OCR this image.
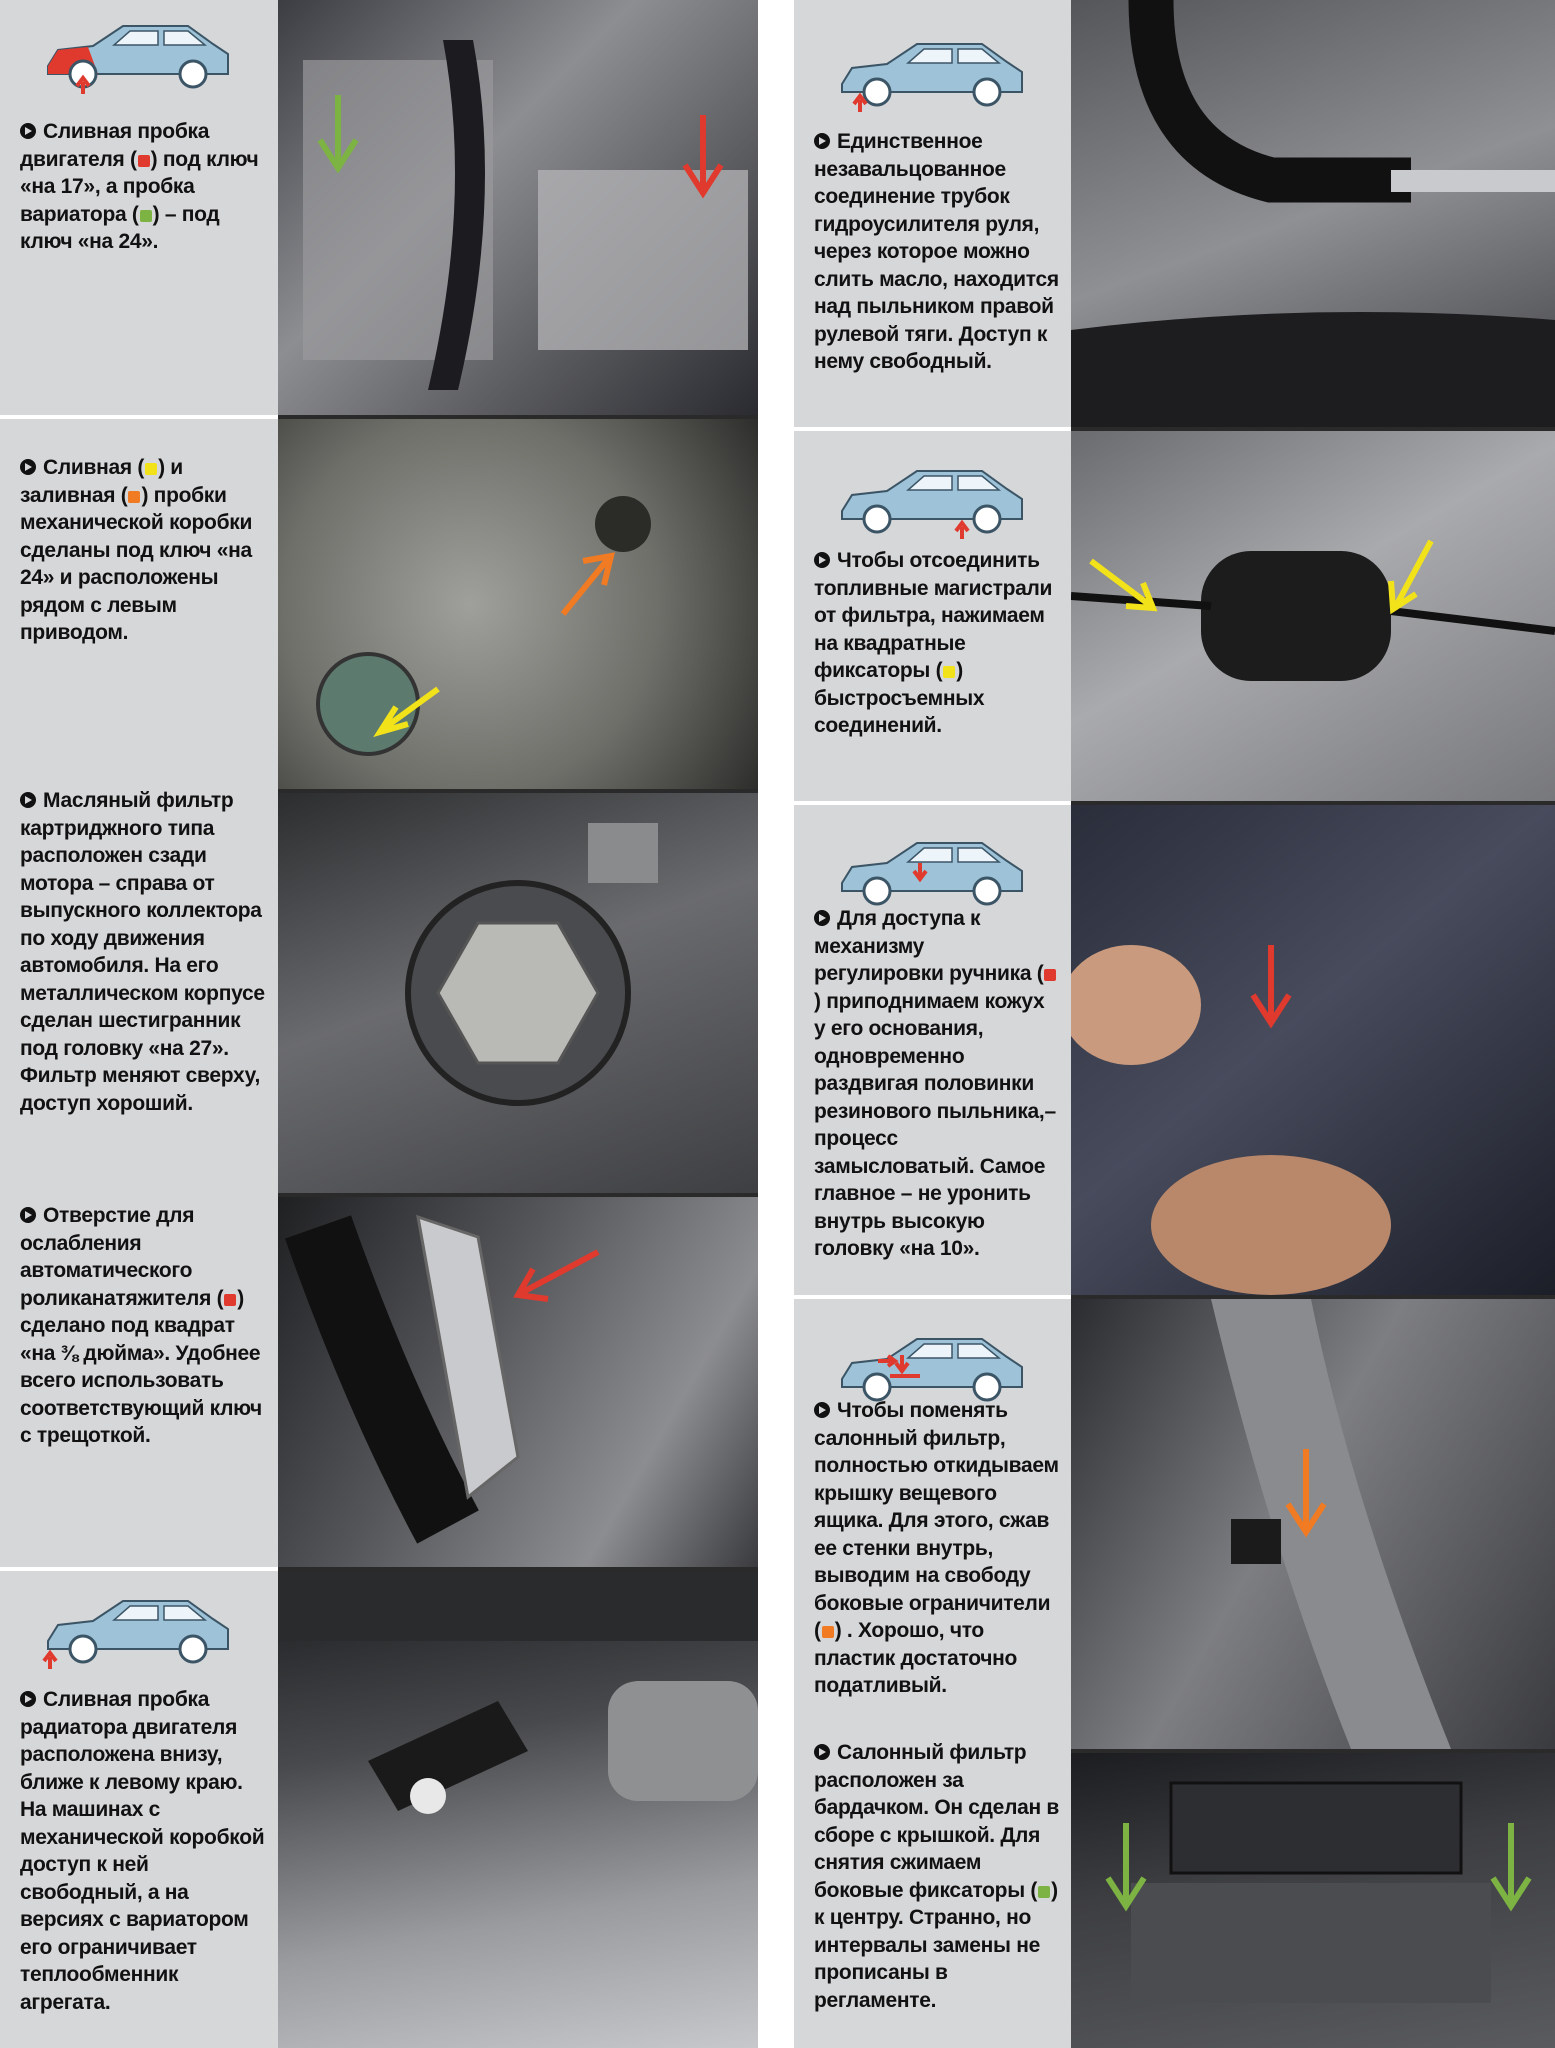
Сливная пробка двигателя ( ) под ключ «на 17», а пробка вариатора ( ) – под ключ «на 24».

Сливная ( ) и заливная ( ) пробки механической коробки сделаны под ключ «на 24» и расположены рядом с левым приводом.

Масляный фильтр картриджного типа расположен сзади мотора – справа от выпускного коллектора по ходу движения автомобиля. На его металлическом корпусе сделан шестигранник под головку «на 27». Фильтр меняют сверху, доступ хороший.

Отверстие для ослабления автоматического роликанатяжителя ( ) сделано под квадрат «на ⅜ дюйма». Удобнее всего использовать соответствующий ключ с трещоткой.

Сливная пробка радиатора двигателя расположена внизу, ближе к левому краю. На машинах с механической коробкой доступ к ней свободный, а на версиях с вариатором его ограничивает теплообменник агрегата.

Единственное незавальцованное соединение трубок гидроусилителя руля, через которое можно слить масло, находится над пыльником правой рулевой тяги. Доступ к нему свободный.

Чтобы отсоединить топливные магистрали от фильтра, нажимаем на квадратные фиксаторы ( ) быстросъемных соединений.

Для доступа к механизму регулировки ручника () приподнимаем кожух у его основания, одновременно раздвигая половинки резинового пыльника,– процесс замысловатый. Самое главное – не уронить внутрь высокую головку «на 10».

Чтобы поменять салонный фильтр, полностью откидываем крышку вещевого ящика. Для этого, сжав ее стенки внутрь, выводим на свободу боковые ограничители ( ) . Хорошо, что пластик достаточно податливый.

Салонный фильтр расположен за бардачком. Он сделан в сборе с крышкой. Для снятия сжимаем боковые фиксаторы ( ) к центру. Странно, но интервалы замены не прописаны в регламенте.
